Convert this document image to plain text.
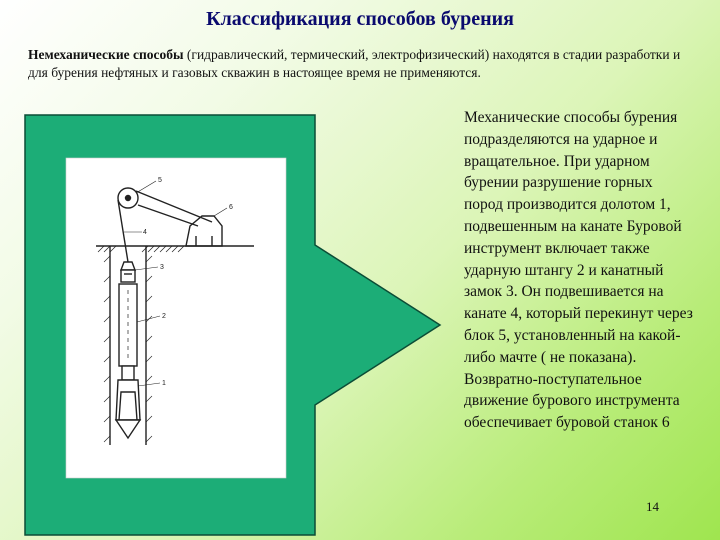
Классификация способов бурения
Немеханические способы (гидравлический, термический, электрофизический) находятся в стадии разработки и для бурения нефтяных и газовых скважин в настоящее время не применяются.
5
6
4
3
2
1
Механические способы бурения подразделяются на ударное и вращательное. При ударном бурении разрушение горных пород производится долотом 1, подвешенным на канате Буровой инструмент включает также ударную штангу 2 и канатный замок 3. Он подвешивается на канате 4, который перекинут через блок 5, установленный на какой-либо мачте ( не показана). Возвратно-поступательное движение бурового инструмента обеспечивает буровой станок 6
14
